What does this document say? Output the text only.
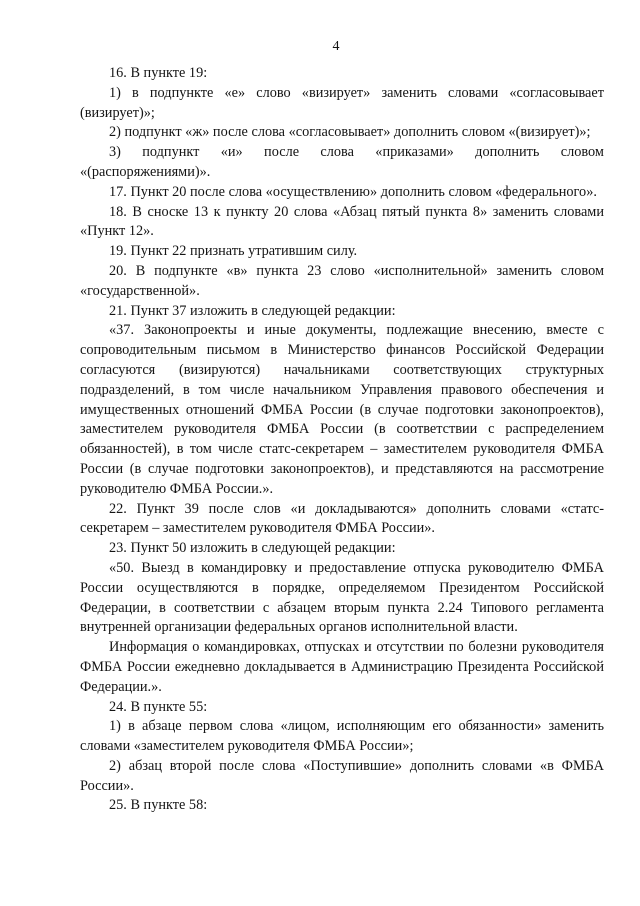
4

16. В пункте 19:

1) в подпункте «е» слово «визирует» заменить словами «согласовывает (визирует)»;

2) подпункт «ж» после слова «согласовывает» дополнить словом «(визирует)»;

3) подпункт «и» после слова «приказами» дополнить словом «(распоряжениями)».

17. Пункт 20 после слова «осуществлению» дополнить словом «федерального».

18. В сноске 13 к пункту 20 слова «Абзац пятый пункта 8» заменить словами «Пункт 12».

19. Пункт 22 признать утратившим силу.

20. В подпункте «в» пункта 23 слово «исполнительной» заменить словом «государственной».

21. Пункт 37 изложить в следующей редакции:

«37. Законопроекты и иные документы, подлежащие внесению, вместе с сопроводительным письмом в Министерство финансов Российской Федерации согласуются (визируются) начальниками соответствующих структурных подразделений, в том числе начальником Управления правового обеспечения и имущественных отношений ФМБА России (в случае подготовки законопроектов), заместителем руководителя ФМБА России (в соответствии с распределением обязанностей), в том числе статс-секретарем – заместителем руководителя ФМБА России (в случае подготовки законопроектов), и представляются на рассмотрение руководителю ФМБА России.».

22. Пункт 39 после слов «и докладываются» дополнить словами «статс-секретарем – заместителем руководителя ФМБА России».

23. Пункт 50 изложить в следующей редакции:

«50. Выезд в командировку и предоставление отпуска руководителю ФМБА России осуществляются в порядке, определяемом Президентом Российской Федерации, в соответствии с абзацем вторым пункта 2.24 Типового регламента внутренней организации федеральных органов исполнительной власти.

Информация о командировках, отпусках и отсутствии по болезни руководителя ФМБА России ежедневно докладывается в Администрацию Президента Российской Федерации.».

24. В пункте 55:

1) в абзаце первом слова «лицом, исполняющим его обязанности» заменить словами «заместителем руководителя ФМБА России»;

2) абзац второй после слова «Поступившие» дополнить словами «в ФМБА России».

25. В пункте 58:
